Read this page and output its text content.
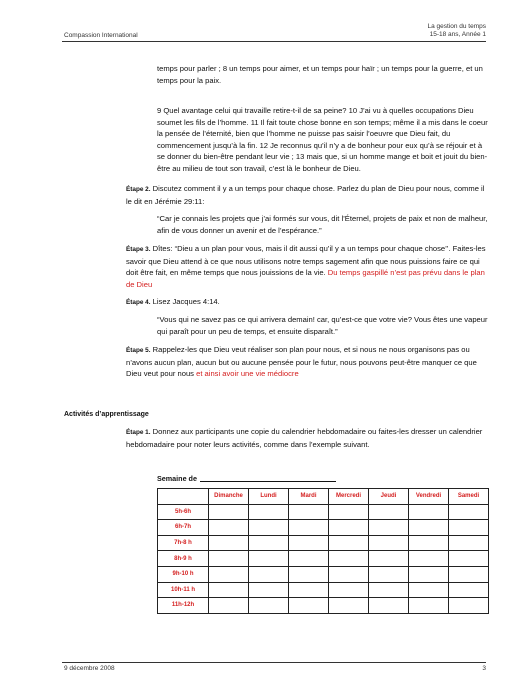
Compassion International
La gestion du temps
15-18 ans, Année 1
temps pour parler ; 8 un temps pour aimer, et un temps pour haïr ; un temps pour la guerre, et un temps pour la paix.
9 Quel avantage celui qui travaille retire-t-il de sa peine? 10 J’ai vu à quelles occupations Dieu soumet les fils de l’homme. 11 Il fait toute chose bonne en son temps; même il a mis dans le coeur la pensée de l’éternité, bien que l’homme ne puisse pas saisir l’oeuvre que Dieu fait, du commencement jusqu’à la fin. 12 Je reconnus qu’il n’y a de bonheur pour eux qu’à se réjouir et à se donner du bien-être pendant leur vie ; 13 mais que, si un homme mange et boit et jouit du bien-être au milieu de tout son travail, c’est là le bonheur de Dieu.
Étape 2. Discutez comment il y a un temps pour chaque chose. Parlez du plan de Dieu pour nous, comme il le dit en Jérémie 29:11:
“Car je connais les projets que j’ai formés sur vous, dit l’Éternel, projets de paix et non de malheur, afin de vous donner un avenir et de l’espérance.”
Étape 3. Dîtes: “Dieu a un plan pour vous, mais il dit aussi qu’il y a un temps pour chaque chose’’. Faites-les savoir que Dieu attend à ce que nous utilisons notre temps sagement afin que nous puissions faire ce qui doit être fait, en même temps que nous jouissions de la vie. Du temps gaspillé n’est pas prévu dans le plan de Dieu
Étape 4. Lisez Jacques 4:14.
“Vous qui ne savez pas ce qui arrivera demain! car, qu’est-ce que votre vie? Vous êtes une vapeur qui paraît pour un peu de temps, et ensuite disparaît.”
Étape 5. Rappelez-les que Dieu veut réaliser son plan pour nous, et si nous ne nous organisons pas ou n’avons aucun plan, aucun but ou aucune pensée pour le futur, nous pouvons peut-être manquer ce que Dieu veut pour nous et ainsi avoir une vie médiocre
Activités d’apprentissage
Étape 1. Donnez aux participants une copie du calendrier hebdomadaire ou faites-les dresser un calendrier hebdomadaire pour noter leurs activités, comme dans l’exemple suivant.
Semaine de
	Dimanche	Lundi	Mardi	Mercredi	Jeudi	Vendredi	Samedi
5h-6h							
6h-7h							
7h-8 h							
8h-9 h							
9h-10 h							
10h-11 h							
11h-12h							
9 décembre 2008	3
